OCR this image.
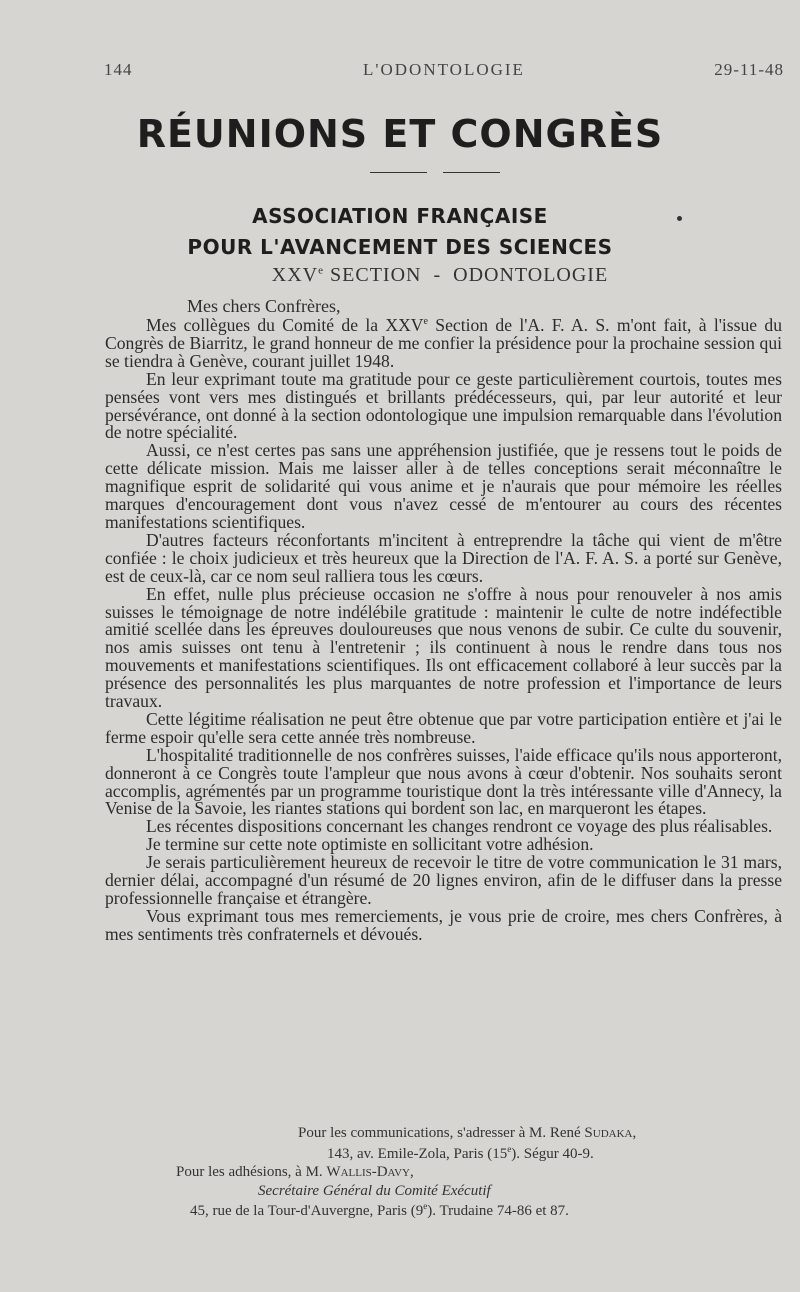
144	L'ODONTOLOGIE	29-11-48
RÉUNIONS ET CONGRÈS
ASSOCIATION FRANÇAISE
POUR L'AVANCEMENT DES SCIENCES
XXVe SECTION  -  ODONTOLOGIE
Mes chers Confrères,

Mes collègues du Comité de la XXVe Section de l'A. F. A. S. m'ont fait, à l'issue du Congrès de Biarritz, le grand honneur de me confier la présidence pour la prochaine session qui se tiendra à Genève, courant juillet 1948.

En leur exprimant toute ma gratitude pour ce geste particulièrement courtois, toutes mes pensées vont vers mes distingués et brillants prédécesseurs, qui, par leur autorité et leur persévérance, ont donné à la section odontologique une impulsion remarquable dans l'évolution de notre spécialité.

Aussi, ce n'est certes pas sans une appréhension justifiée, que je ressens tout le poids de cette délicate mission. Mais me laisser aller à de telles conceptions serait méconnaître le magnifique esprit de solidarité qui vous anime et je n'aurais que pour mémoire les réelles marques d'encouragement dont vous n'avez cessé de m'entourer au cours des récentes manifestations scientifiques.

D'autres facteurs réconfortants m'incitent à entreprendre la tâche qui vient de m'être confiée : le choix judicieux et très heureux que la Direction de l'A. F. A. S. a porté sur Genève, est de ceux-là, car ce nom seul ralliera tous les cœurs.

En effet, nulle plus précieuse occasion ne s'offre à nous pour renouveler à nos amis suisses le témoignage de notre indélébile gratitude : maintenir le culte de notre indéfectible amitié scellée dans les épreuves douloureuses que nous venons de subir. Ce culte du souvenir, nos amis suisses ont tenu à l'entretenir ; ils continuent à nous le rendre dans tous nos mouvements et manifestations scientifiques. Ils ont efficacement collaboré à leur succès par la présence des personnalités les plus marquantes de notre profession et l'importance de leurs travaux.

Cette légitime réalisation ne peut être obtenue que par votre participation entière et j'ai le ferme espoir qu'elle sera cette année très nombreuse.

L'hospitalité traditionnelle de nos confrères suisses, l'aide efficace qu'ils nous apporteront, donneront à ce Congrès toute l'ampleur que nous avons à cœur d'obtenir. Nos souhaits seront accomplis, agrémentés par un programme touristique dont la très intéressante ville d'Annecy, la Venise de la Savoie, les riantes stations qui bordent son lac, en marqueront les étapes.

Les récentes dispositions concernant les changes rendront ce voyage des plus réalisables.

Je termine sur cette note optimiste en sollicitant votre adhésion.

Je serais particulièrement heureux de recevoir le titre de votre communication le 31 mars, dernier délai, accompagné d'un résumé de 20 lignes environ, afin de le diffuser dans la presse professionnelle française et étrangère.

Vous exprimant tous mes remerciements, je vous prie de croire, mes chers Confrères, à mes sentiments très confraternels et dévoués.

Pour les communications, s'adresser à M. René Sudaka,
143, av. Emile-Zola, Paris (15e). Ségur 40-9.
Pour les adhésions, à M. Wallis-Davy,
Secrétaire Général du Comité Exécutif
45, rue de la Tour-d'Auvergne, Paris (9e). Trudaine 74-86 et 87.
